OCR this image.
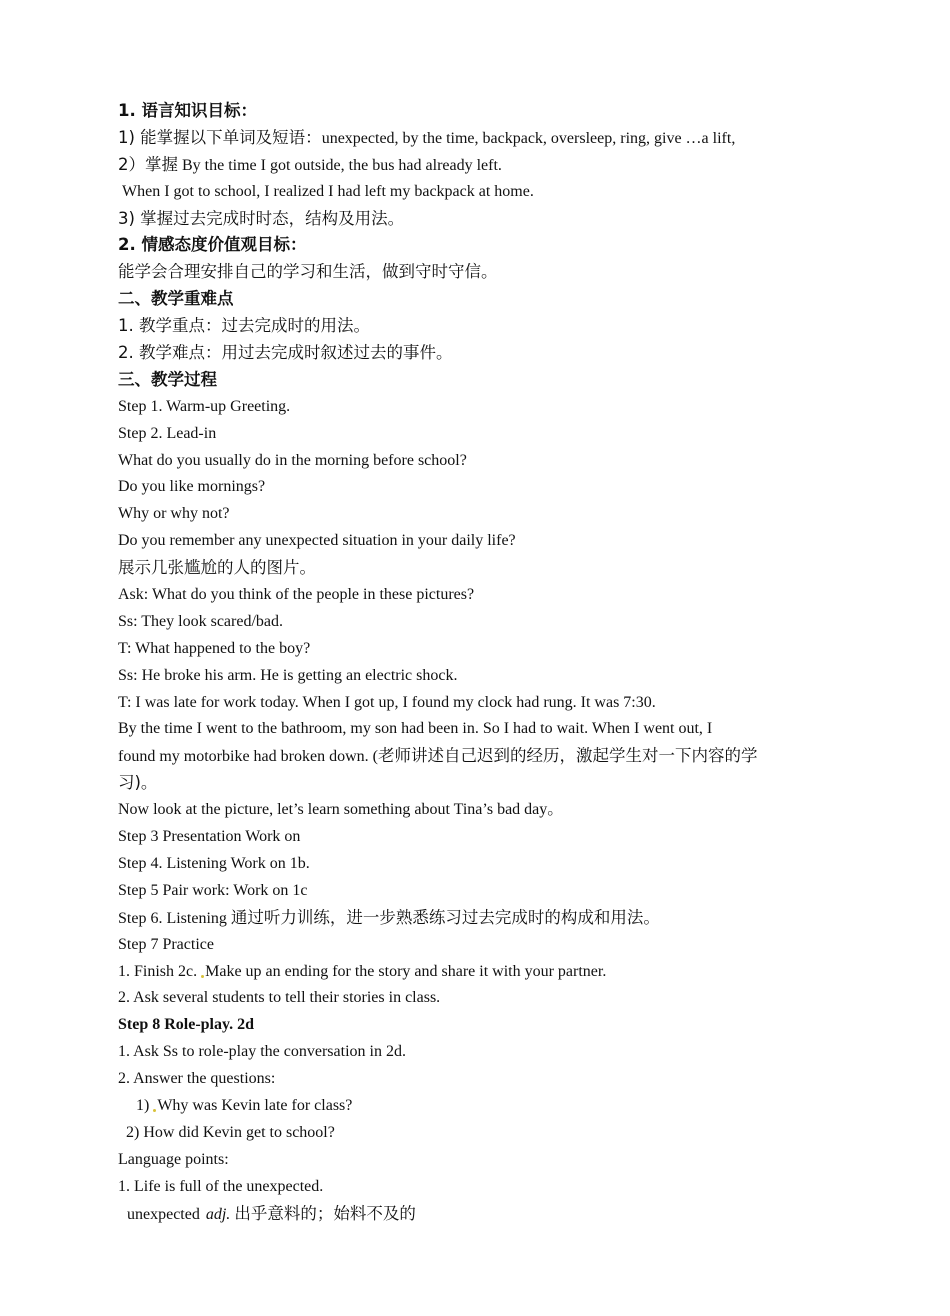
1. 语言知识目标：
1) 能掌握以下单词及短语：unexpected, by the time, backpack, oversleep, ring, give …a lift,
2）掌握 By the time I got outside, the bus had already left.
When I got to school, I realized I had left my backpack at home.
3) 掌握过去完成时时态，结构及用法。
2. 情感态度价值观目标：
能学会合理安排自己的学习和生活，做到守时守信。
二、教学重难点
1. 教学重点：过去完成时的用法。
2. 教学难点：用过去完成时叙述过去的事件。
三、教学过程
Step 1. Warm-up Greeting.
Step 2. Lead-in
What do you usually do in the morning before school?
Do you like mornings?
Why or why not?
Do you remember any unexpected situation in your daily life?
展示几张尴尬的人的图片。
Ask: What do you think of the people in these pictures?
Ss: They look scared/bad.
T: What happened to the boy?
Ss: He broke his arm. He is getting an electric shock.
T: I was late for work today. When I got up, I found my clock had rung. It was 7:30.
By the time I went to the bathroom, my son had been in. So I had to wait. When I went out, I
found my motorbike had broken down. (老师讲述自己迟到的经历，激起学生对一下内容的学
习)。
Now look at the picture, let’s learn something about Tina’s bad day。
Step 3 Presentation Work on
Step 4. Listening Work on 1b.
Step 5 Pair work: Work on 1c
Step 6. Listening 通过听力训练，进一步熟悉练习过去完成时的构成和用法。
Step 7 Practice
1. Finish 2c. Make up an ending for the story and share it with your partner.
2. Ask several students to tell their stories in class.
Step 8 Role-play. 2d
1. Ask Ss to role-play the conversation in 2d.
2. Answer the questions:
1) Why was Kevin late for class?
2) How did Kevin get to school?
Language points:
1. Life is full of the unexpected.
unexpected adj. 出乎意料的；始料不及的
